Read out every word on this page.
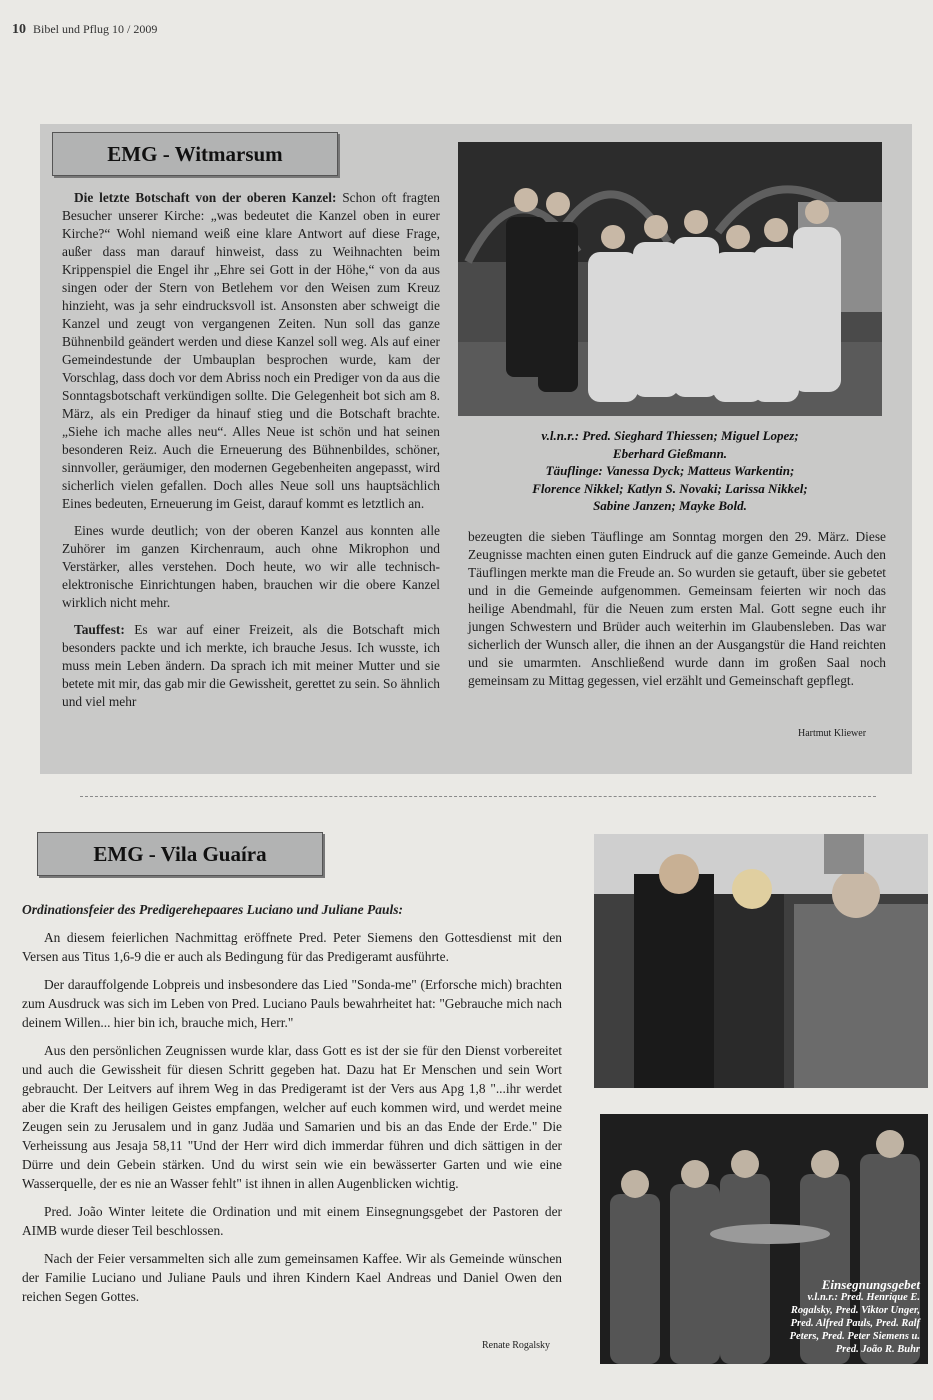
10 Bibel und Pflug 10 / 2009
EMG - Witmarsum

Die letzte Botschaft von der oberen Kanzel: Schon oft fragten Besucher unserer Kirche: „was bedeutet die Kanzel oben in eurer Kirche?“ Wohl niemand weiß eine klare Antwort auf diese Frage, außer dass man darauf hinweist, dass zu Weihnachten beim Krippenspiel die Engel ihr „Ehre sei Gott in der Höhe,“ von da aus singen oder der Stern von Betlehem vor den Weisen zum Kreuz hinzieht, was ja sehr eindrucksvoll ist. Ansonsten aber schweigt die Kanzel und zeugt von vergangenen Zeiten. Nun soll das ganze Bühnenbild geändert werden und diese Kanzel soll weg. Als auf einer Gemeindestunde der Umbauplan besprochen wurde, kam der Vorschlag, dass doch vor dem Abriss noch ein Prediger von da aus die Sonntagsbotschaft verkündigen sollte. Die Gelegenheit bot sich am 8. März, als ein Prediger da hinauf stieg und die Botschaft brachte. „Siehe ich mache alles neu“. Alles Neue ist schön und hat seinen besonderen Reiz. Auch die Erneuerung des Bühnenbildes, schöner, sinnvoller, geräumiger, den modernen Gegebenheiten angepasst, wird sicherlich vielen gefallen. Doch alles Neue soll uns hauptsächlich Eines bedeuten, Erneuerung im Geist, darauf kommt es letztlich an.

Eines wurde deutlich; von der oberen Kanzel aus konnten alle Zuhörer im ganzen Kirchenraum, auch ohne Mikrophon und Verstärker, alles verstehen. Doch heute, wo wir alle technisch- elektronische Einrichtungen haben, brauchen wir die obere Kanzel wirklich nicht mehr.

Tauffest: Es war auf einer Freizeit, als die Botschaft mich besonders packte und ich merkte, ich brauche Jesus. Ich wusste, ich muss mein Leben ändern. Da sprach ich mit meiner Mutter und sie betete mit mir, das gab mir die Gewissheit, gerettet zu sein. So ähnlich und viel mehr

v.l.n.r.: Pred. Sieghard Thiessen; Miguel Lopez;
Eberhard Gießmann.
Täuflinge: Vanessa Dyck; Matteus Warkentin;
Florence Nikkel; Katlyn S. Novaki; Larissa Nikkel;
Sabine Janzen; Mayke Bold.

bezeugten die sieben Täuflinge am Sonntag morgen den 29. März. Diese Zeugnisse machten einen guten Eindruck auf die ganze Gemeinde. Auch den Täuflingen merkte man die Freude an. So wurden sie getauft, über sie gebetet und in die Gemeinde aufgenommen. Gemeinsam feierten wir noch das heilige Abendmahl, für die Neuen zum ersten Mal. Gott segne euch ihr jungen Schwestern und Brüder auch weiterhin im Glaubensleben. Das war sicherlich der Wunsch aller, die ihnen an der Ausgangstür die Hand reichten und sie umarmten. Anschließend wurde dann im großen Saal noch gemeinsam zu Mittag gegessen, viel erzählt und Gemeinschaft gepflegt.

Hartmut Kliewer
EMG - Vila Guaíra
Ordinationsfeier des Predigerehepaares Luciano und Juliane Pauls:

An diesem feierlichen Nachmittag eröffnete Pred. Peter Siemens den Gottesdienst mit den Versen aus Titus 1,6-9 die er auch als Bedingung für das Predigeramt ausführte.

Der darauffolgende Lobpreis und insbesondere das Lied "Sonda-me" (Erforsche mich) brachten zum Ausdruck was sich im Leben von Pred. Luciano Pauls bewahrheitet hat: "Gebrauche mich nach deinem Willen... hier bin ich, brauche mich, Herr."

Aus den persönlichen Zeugnissen wurde klar, dass Gott es ist der sie für den Dienst vorbereitet und auch die Gewissheit für diesen Schritt gegeben hat. Dazu hat Er Menschen und sein Wort gebraucht. Der Leitvers auf ihrem Weg in das Predigeramt ist der Vers aus Apg 1,8 "...ihr werdet aber die Kraft des heiligen Geistes empfangen, welcher auf euch kommen wird, und werdet meine Zeugen sein zu Jerusalem und in ganz Judäa und Samarien und bis an das Ende der Erde." Die Verheissung aus Jesaja 58,11 "Und der Herr wird dich immerdar führen und dich sättigen in der Dürre und dein Gebein stärken. Und du wirst sein wie ein bewässerter Garten und wie eine Wasserquelle, der es nie an Wasser fehlt" ist ihnen in allen Augenblicken wichtig.

Pred. João Winter leitete die Ordination und mit einem Einsegnungsgebet der Pastoren der AIMB wurde dieser Teil beschlossen.

Nach der Feier versammelten sich alle zum gemeinsamen Kaffee. Wir als Gemeinde wünschen der Familie Luciano und Juliane Pauls und ihren Kindern Kael Andreas und Daniel Owen den reichen Segen Gottes.

Renate Rogalsky
Einsegnungsgebet
v.l.n.r.: Pred. Henrique E.
Rogalsky, Pred. Viktor Unger,
Pred. Alfred Pauls, Pred. Ralf
Peters, Pred. Peter Siemens u.
Pred. João R. Buhr
